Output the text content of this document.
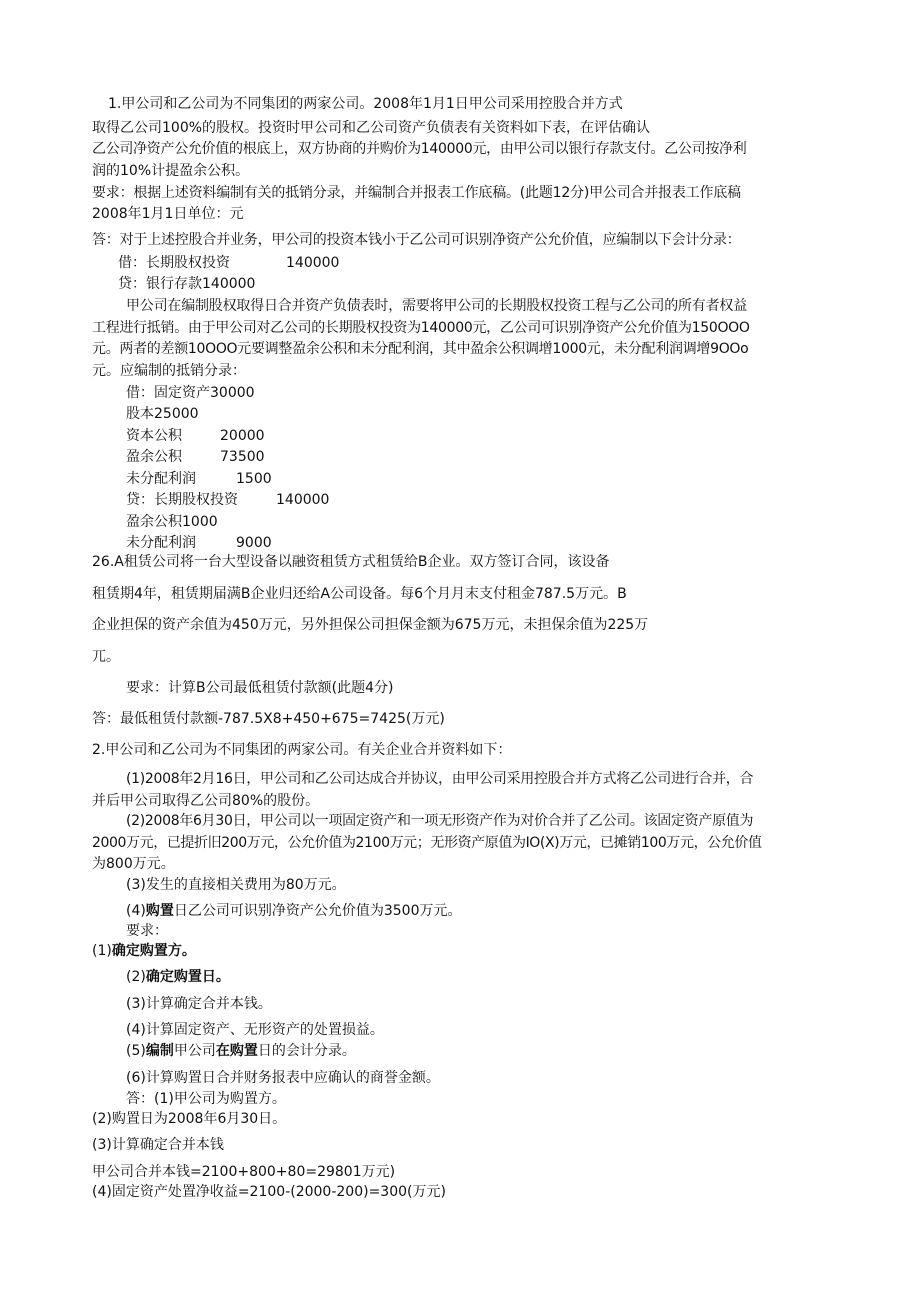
1.甲公司和乙公司为不同集团的两家公司。2008年1月1日甲公司采用控股合并方式
取得乙公司100%的股权。投资时甲公司和乙公司资产负债表有关资料如下表，在评估确认
乙公司净资产公允价值的根底上，双方协商的并购价为140000元，由甲公司以银行存款支付。乙公司按净利
润的10%计提盈余公积。
要求：根据上述资料编制有关的抵销分录，并编制合并报表工作底稿。(此题12分)甲公司合并报表工作底稿
2008年1月1日单位：元
答：对于上述控股合并业务，甲公司的投资本钱小于乙公司可识别净资产公允价值，应编制以下会计分录：
借：长期股权投资	140000
贷：银行存款140000
甲公司在编制股权取得日合并资产负债表时，需要将甲公司的长期股权投资工程与乙公司的所有者权益
工程进行抵销。由于甲公司对乙公司的长期股权投资为140000元，乙公司可识别净资产公允价值为150OOO
元。两者的差额10OOO元要调整盈余公积和未分配利润，其中盈余公积调增1000元，未分配利润调增9OOo
元。应编制的抵销分录：
借：固定资产30000
股本25000
资本公积	20000
盈余公积	73500
未分配利润	1500
贷：长期股权投资	140000
盈余公积1000
未分配利润	9000
26.A租赁公司将一台大型设备以融资租赁方式租赁给B企业。双方签订合同，该设备
租赁期4年，租赁期届满B企业归还给A公司设备。每6个月月末支付租金787.5万元。B
企业担保的资产余值为450万元，另外担保公司担保金额为675万元，未担保余值为225万
兀。
要求：计算B公司最低租赁付款额(此题4分)
答：最低租赁付款额-787.5X8+450+675=7425(万元)
2.甲公司和乙公司为不同集团的两家公司。有关企业合并资料如下：
(1)2008年2月16日，甲公司和乙公司达成合并协议，由甲公司采用控股合并方式将乙公司进行合并，合
并后甲公司取得乙公司80%的股份。
(2)2008年6月30日，甲公司以一项固定资产和一项无形资产作为对价合并了乙公司。该固定资产原值为
2000万元，已提折旧200万元，公允价值为2100万元；无形资产原值为IO(X)万元，已摊销100万元，公允价值
为800万元。
(3)发生的直接相关费用为80万元。
(4)购置日乙公司可识别净资产公允价值为3500万元。
要求：
(1)确定购置方。
(2)确定购置日。
(3)计算确定合并本钱。
(4)计算固定资产、无形资产的处置损益。
(5)编制甲公司在购置日的会计分录。
(6)计算购置日合并财务报表中应确认的商誉金额。
答：(1)甲公司为购置方。
(2)购置日为2008年6月30日。
(3)计算确定合并本钱
甲公司合并本钱=2100+800+80=29801万元)
(4)固定资产处置净收益=2100-(2000-200)=300(万元)
